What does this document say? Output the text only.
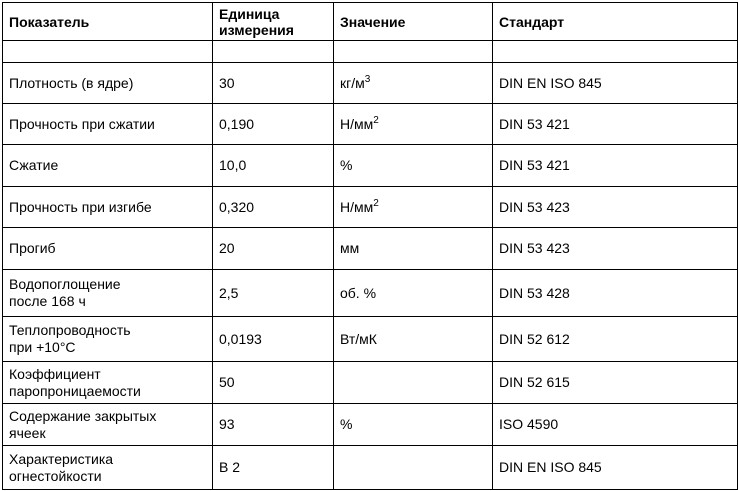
Показатель	Единица измерения	Значение	Стандарт

Плотность (в ядре)	30	$кг/м^3$	DIN EN ISO 845
Прочность при сжатии	0,190	$Н/мм^2$	DIN 53 421
Сжатие	10,0	%	DIN 53 421
Прочность при изгибе	0,320	$Н/мм^2$	DIN 53 423
Прогиб	20	мм	DIN 53 423

Водопоглощение
после 168 ч	2,5	об. %	DIN 53 428

Теплопроводность
при +10°C	0,0193	Вт/мК	DIN 52 612

Коэффициент
паропроницаемости	50		DIN 52 615

Содержание закрытых
ячеек	93	%	ISO 4590

Характеристика
огнестойкости	B 2		DIN EN ISO 845
